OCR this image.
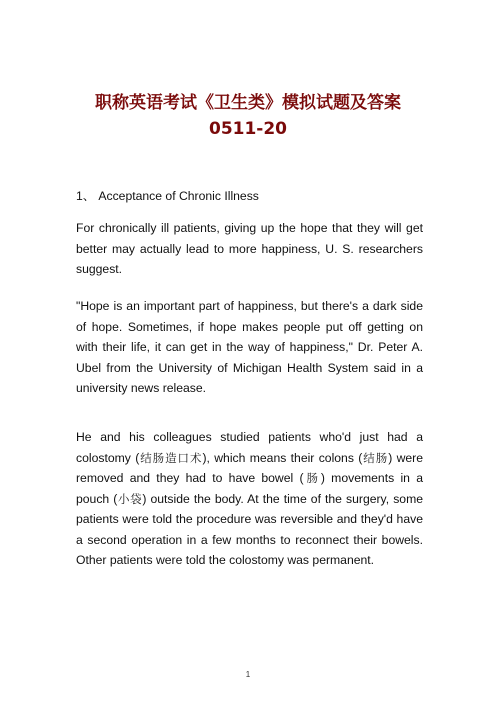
职称英语考试《卫生类》模拟试题及答案
0511-20
1、 Acceptance of Chronic Illness
For chronically ill patients, giving up the hope that they will get better may actually lead to more happiness, U. S. researchers suggest.
"Hope is an important part of happiness, but there's a dark side of hope. Sometimes, if hope makes people put off getting on with their life, it can get in the way of happiness," Dr. Peter A. Ubel from the University of Michigan Health System said in a university news release.
He and his colleagues studied patients who'd just had a colostomy (结肠造口术), which means their colons (结肠) were removed and they had to have bowel (肠) movements in a pouch (小袋) outside the body. At the time of the surgery, some patients were told the procedure was reversible and they'd have a second operation in a few months to reconnect their bowels. Other patients were told the colostomy was permanent.
1
